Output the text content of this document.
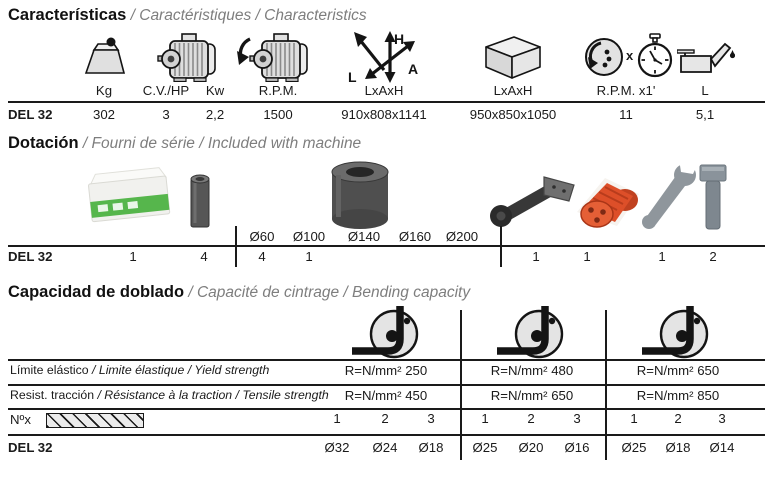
Características / Caractéristiques / Characteristics
L
H
A
x
Kg C.V./HP Kw	R.P.M.	LxAxH	LxAxH	R.P.M. x1'	L
DEL 32	302	3	2,2	1500	910x808x1141	950x850x1050	11	5,1
Dotación / Fourni de série / Included with machine
Ø60 Ø100 Ø140 Ø160 Ø200
DEL 32	1	4	4	1	1	1	1	2
Capacidad de doblado / Capacité de cintrage / Bending capacity
Límite elástico / Limite élastique / Yield strength	R=N/mm² 250	R=N/mm² 480	R=N/mm² 650
Resist. tracción / Résistance à la traction / Tensile strength R=N/mm² 450	R=N/mm² 650	R=N/mm² 850
Nºx	1	2	3	1	2	3	1	2	3
DEL 32	Ø32 Ø24 Ø18 Ø25 Ø20 Ø16 Ø25 Ø18 Ø14
